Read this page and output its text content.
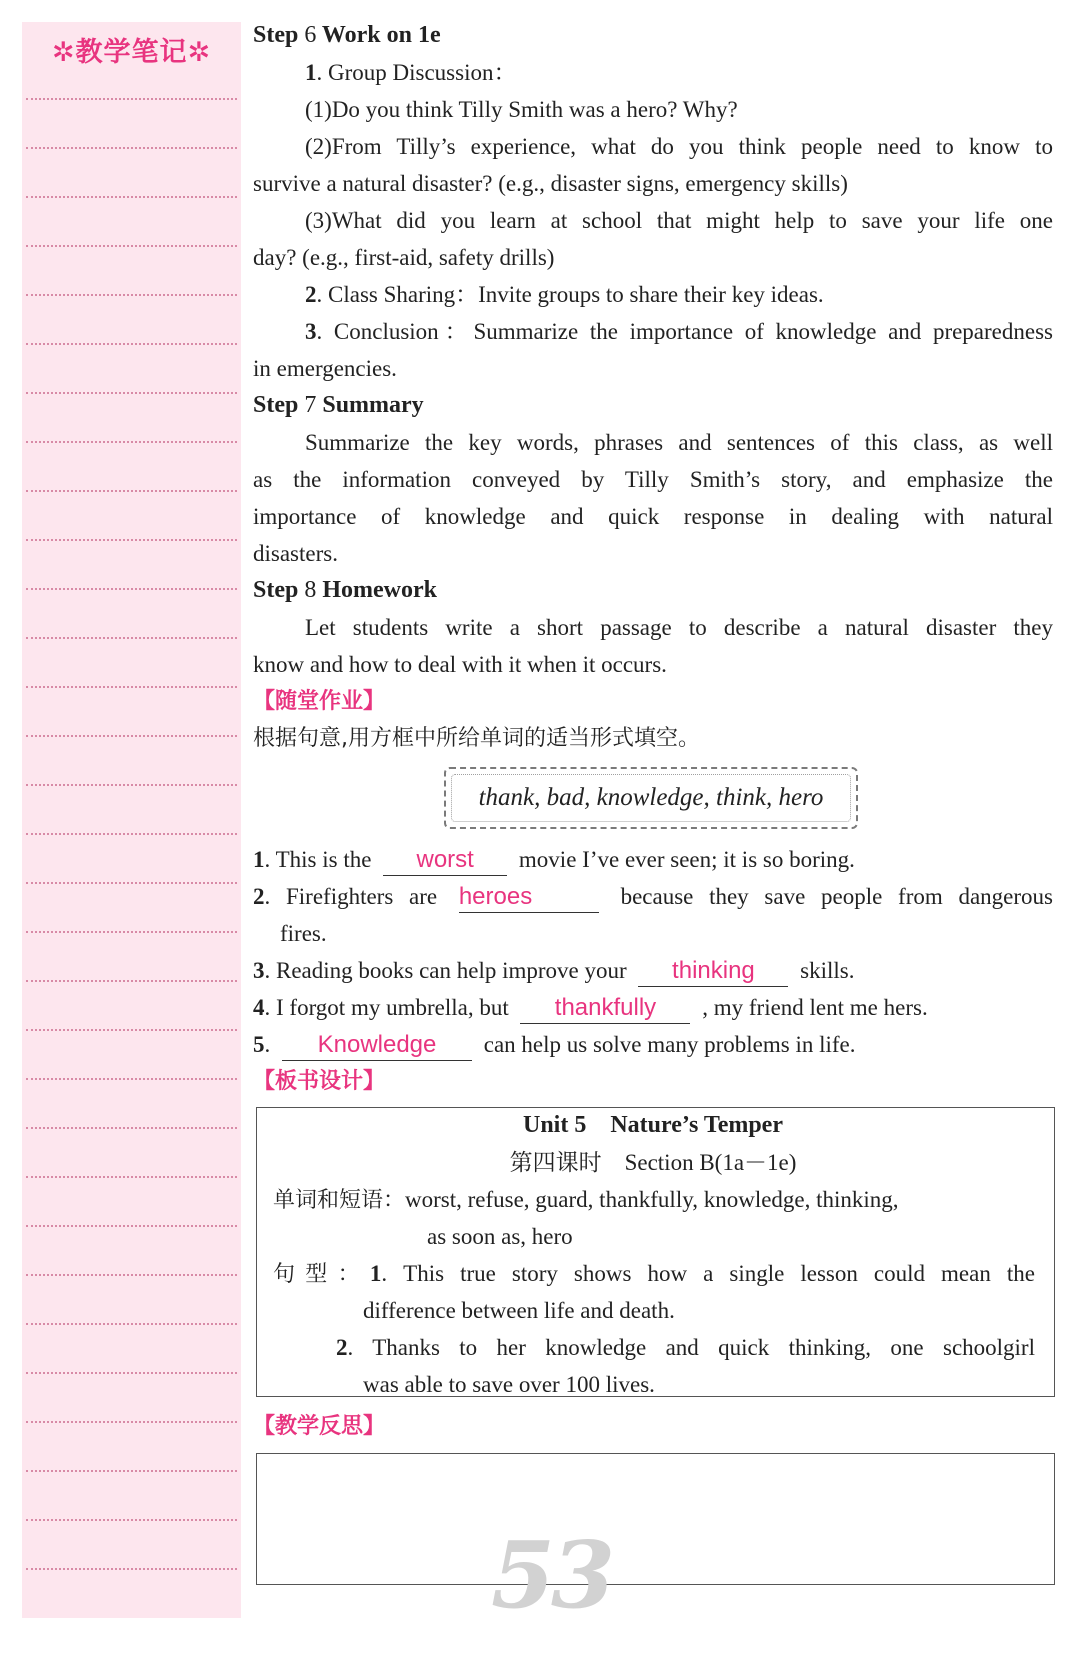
✲教学笔记✲
Step 6 Work on 1e
1. Group Discussion：
(1)Do you think Tilly Smith was a hero? Why?
(2)From Tilly’s experience, what do you think people need to know to
survive a natural disaster? (e.g., disaster signs, emergency skills)
(3)What did you learn at school that might help to save your life one
day? (e.g., first-aid, safety drills)
2. Class Sharing：Invite groups to share their key ideas.
3. Conclusion：Summarize the importance of knowledge and preparedness
in emergencies.
Step 7 Summary
Summarize the key words, phrases and sentences of this class, as well
as the information conveyed by Tilly Smith’s story, and emphasize the
importance of knowledge and quick response in dealing with natural
disasters.
Step 8 Homework
Let students write a short passage to describe a natural disaster they
know and how to deal with it when it occurs.
【随堂作业】
根据句意,用方框中所给单词的适当形式填空。
thank, bad, knowledge, think, hero
1. This is the worst movie I’ve ever seen; it is so boring.
2. Firefighters are heroes	because they save people from dangerous
fires.
3. Reading books can help improve your thinking skills.
4. I forgot my umbrella, but thankfully , my friend lent me hers.
5. Knowledge can help us solve many problems in life.
【板书设计】
Unit 5　Nature’s Temper
第四课时　Section B(1a－1e)
单词和短语：worst, refuse, guard, thankfully, knowledge, thinking,
as soon as, hero
句型：1. This true story shows how a single lesson could mean the
difference between life and death.
2. Thanks to her knowledge and quick thinking, one schoolgirl
was able to save over 100 lives.
【教学反思】
53
